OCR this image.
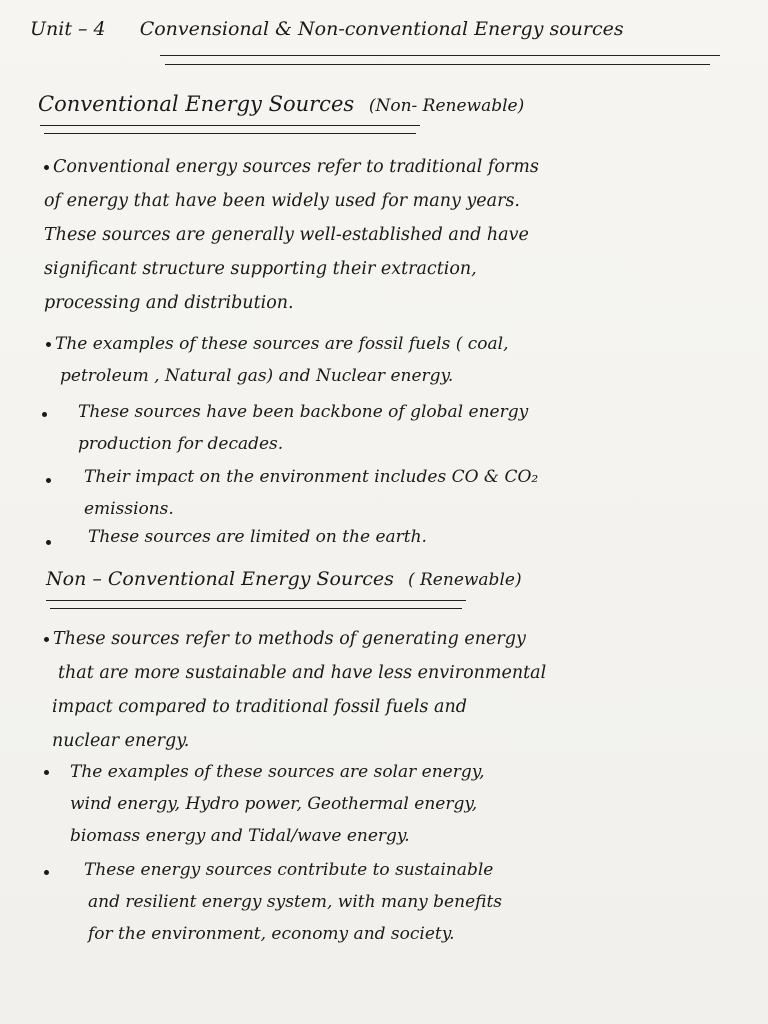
Unit – 4 Convensional & Non-conventional Energy sources
Conventional Energy Sources (Non- Renewable)
Conventional energy sources refer to traditional forms
of energy that have been widely used for many years.
These sources are generally well-established and have
significant structure supporting their extraction,
processing and distribution.
The examples of these sources are fossil fuels ( coal,
petroleum , Natural gas) and Nuclear energy.
These sources have been backbone of global energy
production for decades.
Their impact on the environment includes CO & CO₂
emissions.
These sources are limited on the earth.
Non – Conventional Energy Sources ( Renewable)
These sources refer to methods of generating energy
that are more sustainable and have less environmental
impact compared to traditional fossil fuels and
nuclear energy.
The examples of these sources are solar energy,
wind energy, Hydro power, Geothermal energy,
biomass energy and Tidal/wave energy.
These energy sources contribute to sustainable
and resilient energy system, with many benefits
for the environment, economy and society.
